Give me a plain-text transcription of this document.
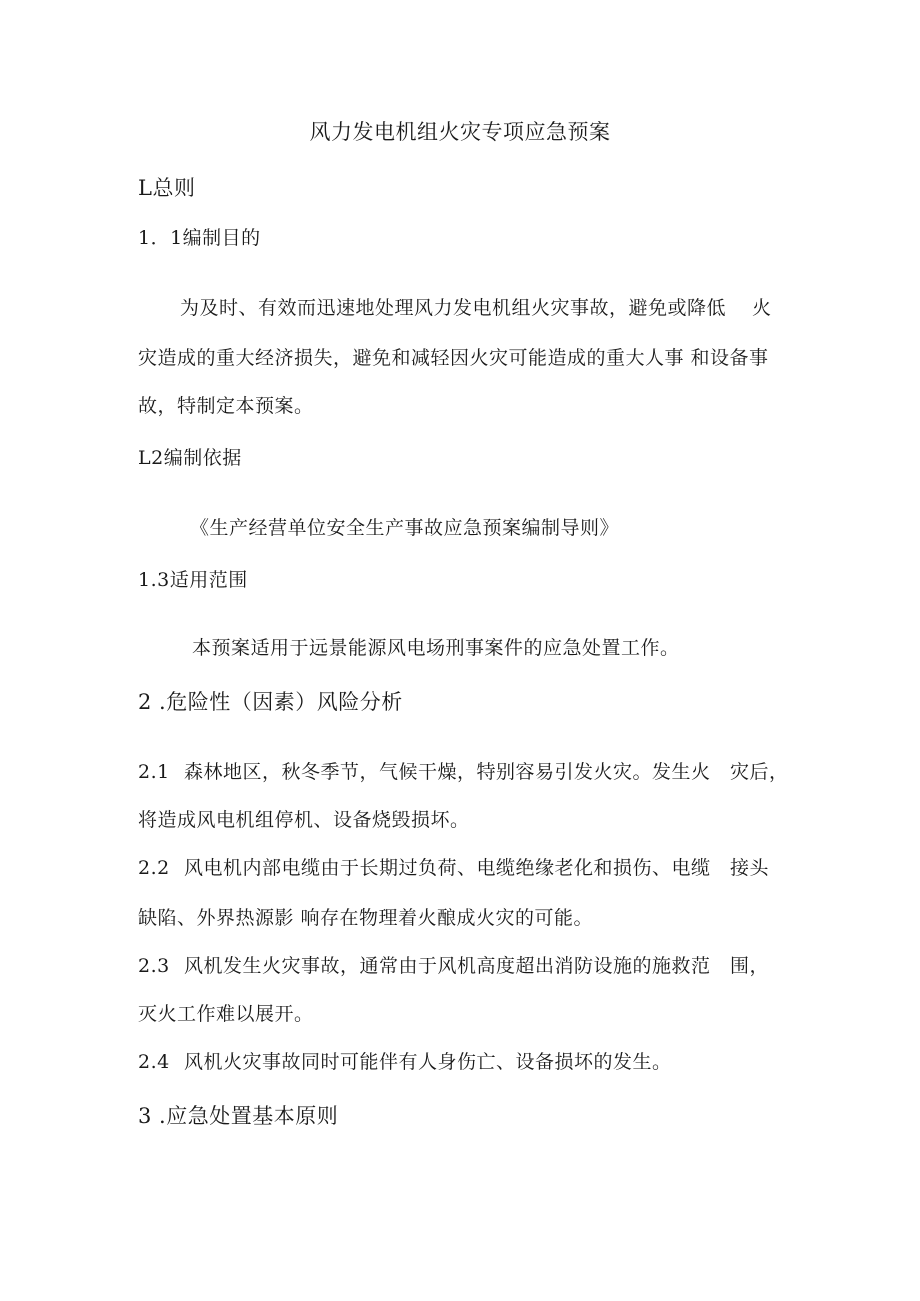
风力发电机组火灾专项应急预案
L总则
1．1编制目的
为及时、有效而迅速地处理风力发电机组火灾事故，避免或降低　 火
灾造成的重大经济损失，避免和减轻因火灾可能造成的重大人事 和设备事
故，特制定本预案。
L2编制依据
《生产经营单位安全生产事故应急预案编制导则》
1.3适用范围
本预案适用于远景能源风电场刑事案件的应急处置工作。
2 .危险性（因素）风险分析
2.1 森林地区，秋冬季节，气候干燥，特别容易引发火灾。发生火　灾后，
将造成风电机组停机、设备烧毁损坏。
2.2 风电机内部电缆由于长期过负荷、电缆绝缘老化和损伤、电缆　接头
缺陷、外界热源影 响存在物理着火酿成火灾的可能。
2.3 风机发生火灾事故，通常由于风机高度超出消防设施的施救范　围，
灭火工作难以展开。
2.4 风机火灾事故同时可能伴有人身伤亡、设备损坏的发生。
3 .应急处置基本原则
